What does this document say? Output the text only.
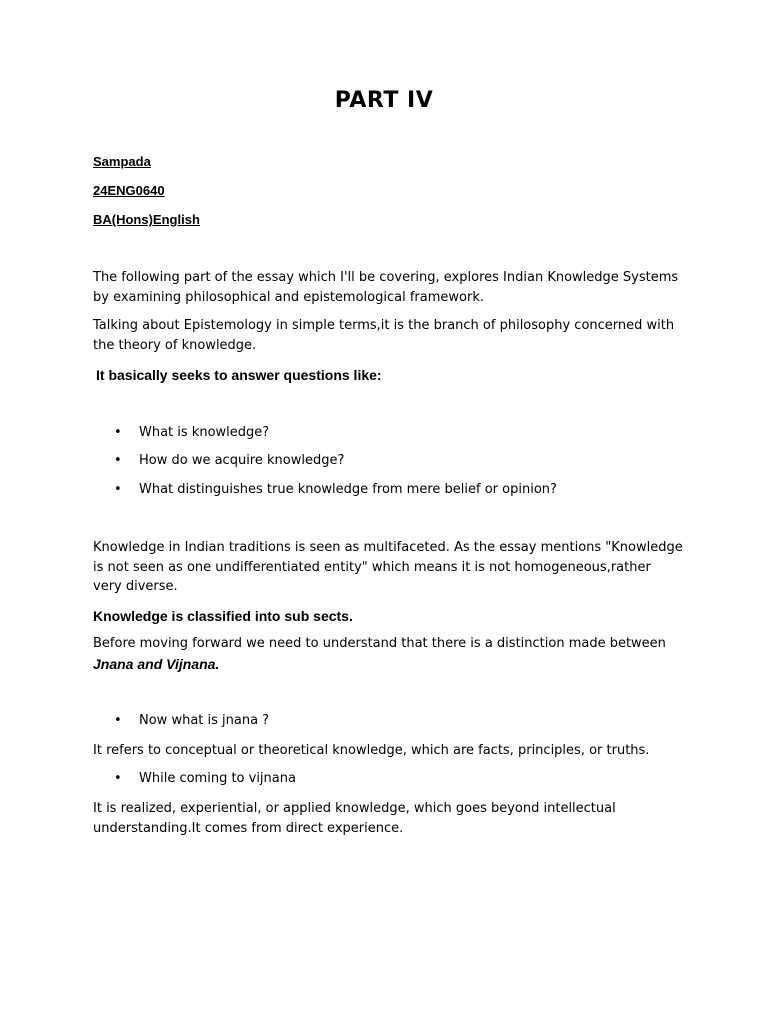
PART IV
Sampada
24ENG0640
BA(Hons)English

The following part of the essay which I'll be covering, explores Indian Knowledge Systems by examining philosophical and epistemological framework.

Talking about Epistemology in simple terms,it is the branch of philosophy concerned with the theory of knowledge.

It basically seeks to answer questions like:
• What is knowledge?
• How do we acquire knowledge?
• What distinguishes true knowledge from mere belief or opinion?

Knowledge in Indian traditions is seen as multifaceted. As the essay mentions "Knowledge is not seen as one undifferentiated entity" which means it is not homogeneous,rather very diverse.

Knowledge is classified into sub sects.

Before moving forward we need to understand that there is a distinction made between

Jnana and Vijnana.
• Now what is jnana ?

It refers to conceptual or theoretical knowledge, which are facts, principles, or truths.

• While coming to vijnana

It is realized, experiential, or applied knowledge, which goes beyond intellectual understanding.It comes from direct experience.
